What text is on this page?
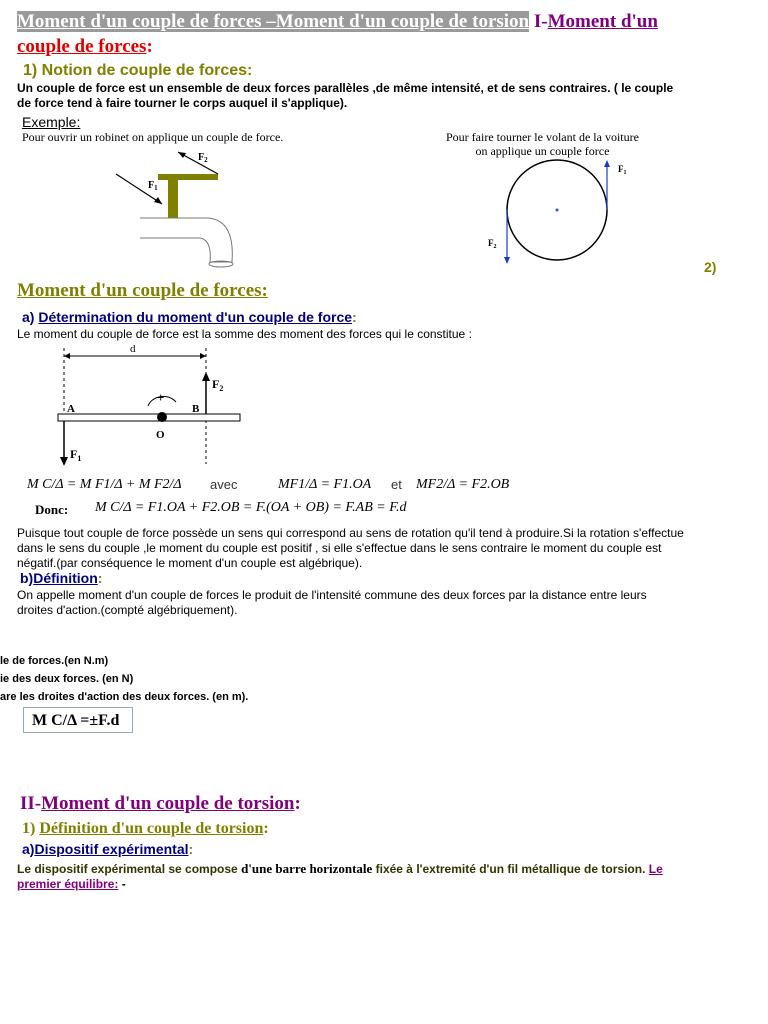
Moment d'un couple de forces –Moment d'un couple de torsion I-Moment d'un
couple de forces:
1) Notion de couple de forces:
Un couple de force est un ensemble de deux forces parallèles ,de même intensité, et de sens contraires. ( le couple
de force tend à faire tourner le corps auquel il s'applique).
Exemple:
Pour ouvrir un robinet on applique un couple de force.
$F_2$
$F_1$
Pour faire tourner le volant de la voiture
on applique un couple force
$F_1$
$F_2$
2)
Moment d'un couple de forces:
a) Détermination du moment d'un couple de force:
Le moment du couple de force est la somme des moment des forces qui le constitue :
d
+
A	B
O
$F_1$
$F_2$
M C/Δ = M F1/Δ + M F2/Δ avec	MF1/Δ = F1.OA et MF2/Δ = F2.OB
Donc: M C/Δ = F1.OA + F2.OB = F.(OA + OB) = F.AB = F.d
Puisque tout couple de force possède un sens qui correspond au sens de rotation qu'il tend à produire.Si la rotation s'effectue
dans le sens du couple ,le moment du couple est positif , si elle s'effectue dans le sens contraire le moment du couple est
négatif.(par conséquence le moment d'un couple est algébrique).
b)Définition:
On appelle moment d'un couple de forces le produit de l'intensité commune des deux forces par la distance entre leurs
droites d'action.(compté algébriquement).
le de forces.(en N.m)
ie des deux forces. (en N)
are les droites d'action des deux forces. (en m).
M C/Δ =±F.d
II-Moment d'un couple de torsion:
1) Définition d'un couple de torsion:
a)Dispositif expérimental:
Le dispositif expérimental se compose d'une barre horizontale fixée à l'extremité d'un fil métallique de torsion. Le
premier équilibre: -
